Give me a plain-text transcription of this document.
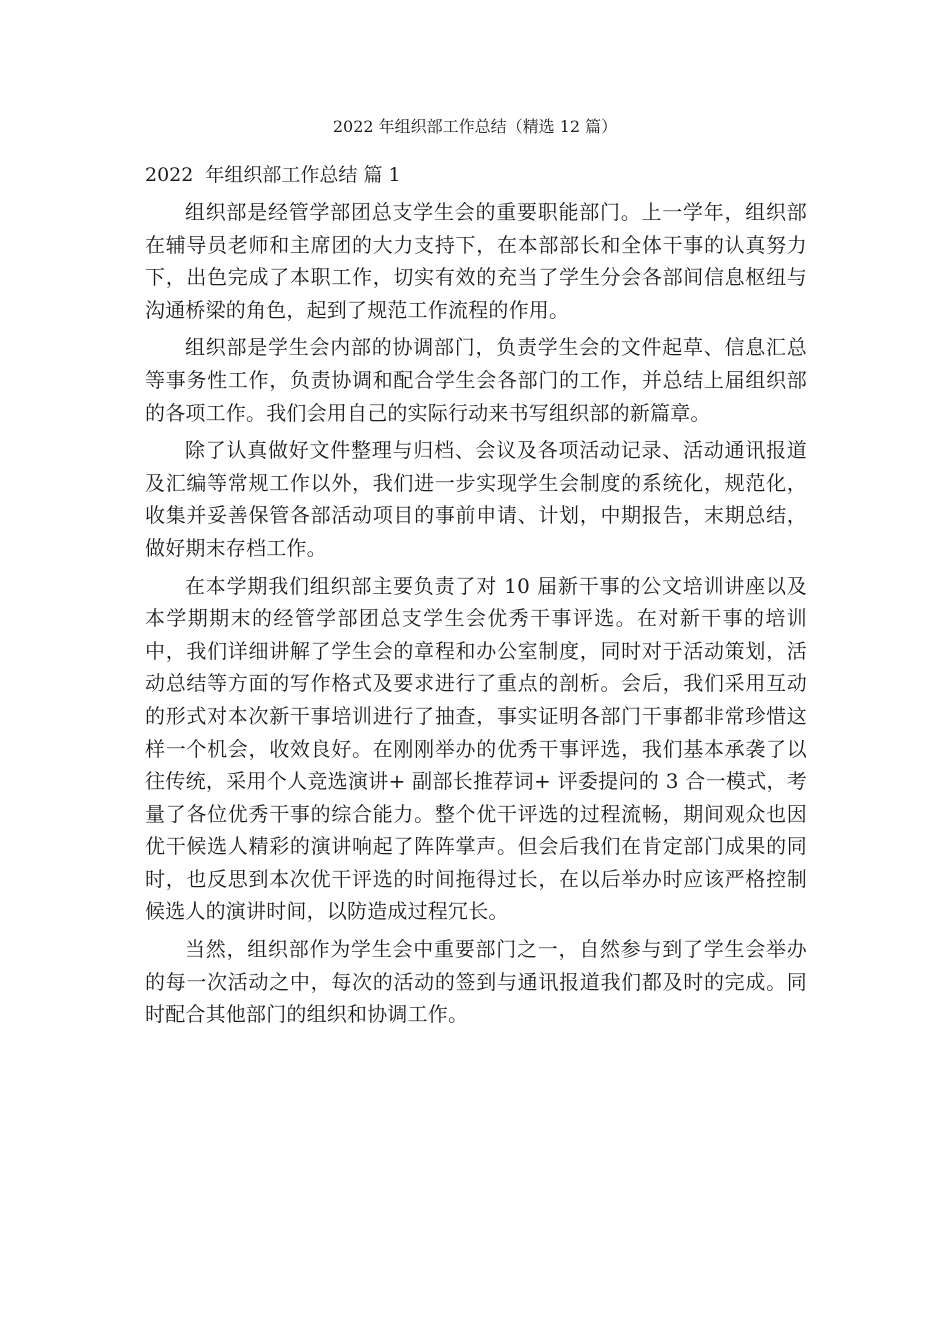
2022 年组织部工作总结（精选 12 篇）
2022  年组织部工作总结 篇 1

组织部是经管学部团总支学生会的重要职能部门。上一学年，组织部在辅导员老师和主席团的大力支持下，在本部部长和全体干事的认真努力下，出色完成了本职工作，切实有效的充当了学生分会各部间信息枢纽与沟通桥梁的角色，起到了规范工作流程的作用。

组织部是学生会内部的协调部门，负责学生会的文件起草、信息汇总等事务性工作，负责协调和配合学生会各部门的工作，并总结上届组织部的各项工作。我们会用自己的实际行动来书写组织部的新篇章。

除了认真做好文件整理与归档、会议及各项活动记录、活动通讯报道及汇编等常规工作以外，我们进一步实现学生会制度的系统化，规范化，收集并妥善保管各部活动项目的事前申请、计划，中期报告，末期总结，做好期末存档工作。

在本学期我们组织部主要负责了对 10 届新干事的公文培训讲座以及本学期期末的经管学部团总支学生会优秀干事评选。在对新干事的培训中，我们详细讲解了学生会的章程和办公室制度，同时对于活动策划，活动总结等方面的写作格式及要求进行了重点的剖析。会后，我们采用互动的形式对本次新干事培训进行了抽查，事实证明各部门干事都非常珍惜这样一个机会，收效良好。在刚刚举办的优秀干事评选，我们基本承袭了以往传统，采用个人竞选演讲+ 副部长推荐词+ 评委提问的 3 合一模式，考量了各位优秀干事的综合能力。整个优干评选的过程流畅，期间观众也因优干候选人精彩的演讲响起了阵阵掌声。但会后我们在肯定部门成果的同时，也反思到本次优干评选的时间拖得过长，在以后举办时应该严格控制候选人的演讲时间，以防造成过程冗长。

当然，组织部作为学生会中重要部门之一，自然参与到了学生会举办的每一次活动之中，每次的活动的签到与通讯报道我们都及时的完成。同时配合其他部门的组织和协调工作。
